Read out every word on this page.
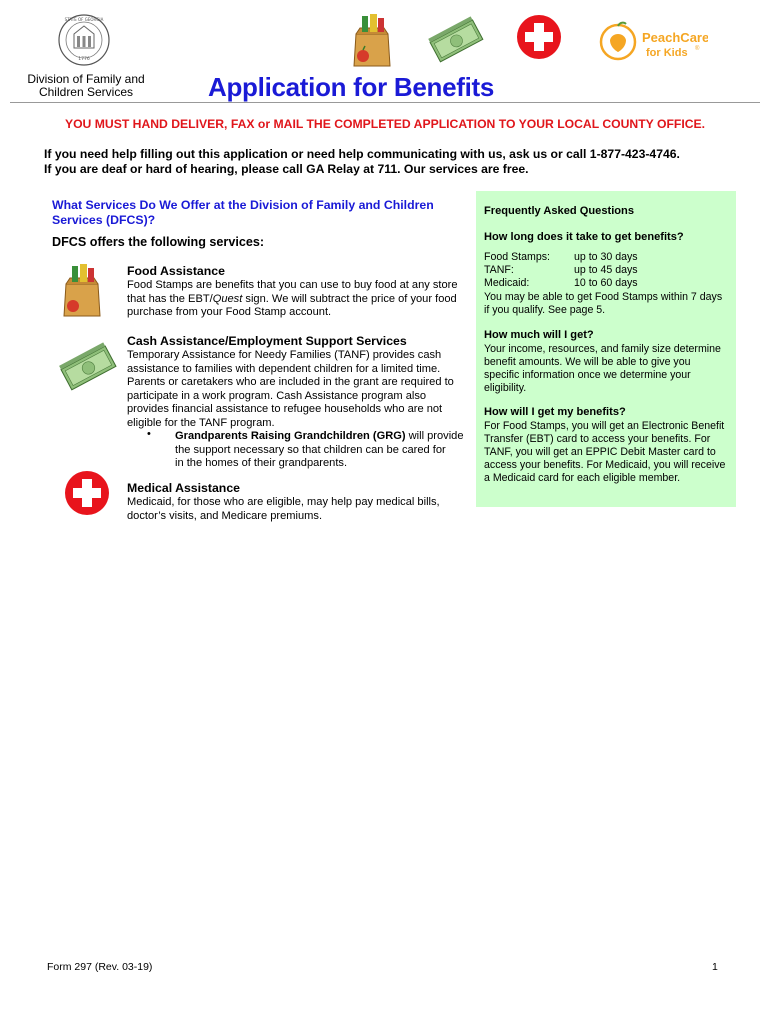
1776
STATE OF GEORGIA
PeachCare
for Kids ®
Division of Family and
Children Services	Application for Benefits
YOU MUST HAND DELIVER, FAX or MAIL THE COMPLETED APPLICATION TO YOUR LOCAL COUNTY OFFICE.
If you need help filling out this application or need help communicating with us, ask us or call 1-877-423-4746.
If you are deaf or hard of hearing, please call GA Relay at 711. Our services are free.
What Services Do We Offer at the Division of Family and Children
Services (DFCS)?
DFCS offers the following services:
Food Assistance
Food Stamps are benefits that you can use to buy food at any store
that has the EBT/Quest sign. We will subtract the price of your food
purchase from your Food Stamp account.
Cash Assistance/Employment Support Services
Temporary Assistance for Needy Families (TANF) provides cash
assistance to families with dependent children for a limited time.
Parents or caretakers who are included in the grant are required to
participate in a work program. Cash Assistance program also
provides financial assistance to refugee households who are not
eligible for the TANF program.
• Grandparents Raising Grandchildren (GRG) will provide
the support necessary so that children can be cared for
in the homes of their grandparents.
Medical Assistance
Medicaid, for those who are eligible, may help pay medical bills,
doctor’s visits, and Medicare premiums.
Frequently Asked Questions
How long does it take to get benefits?
Food Stamps:	up to 30 days
TANF:	up to 45 days
Medicaid:	10 to 60 days
You may be able to get Food Stamps within 7 days
if you qualify. See page 5.
How much will I get?
Your income, resources, and family size determine
benefit amounts. We will be able to give you
specific information once we determine your
eligibility.
How will I get my benefits?
For Food Stamps, you will get an Electronic Benefit
Transfer (EBT) card to access your benefits. For
TANF, you will get an EPPIC Debit Master card to
access your benefits. For Medicaid, you will receive
a Medicaid card for each eligible member.
Form 297 (Rev. 03-19)	1
